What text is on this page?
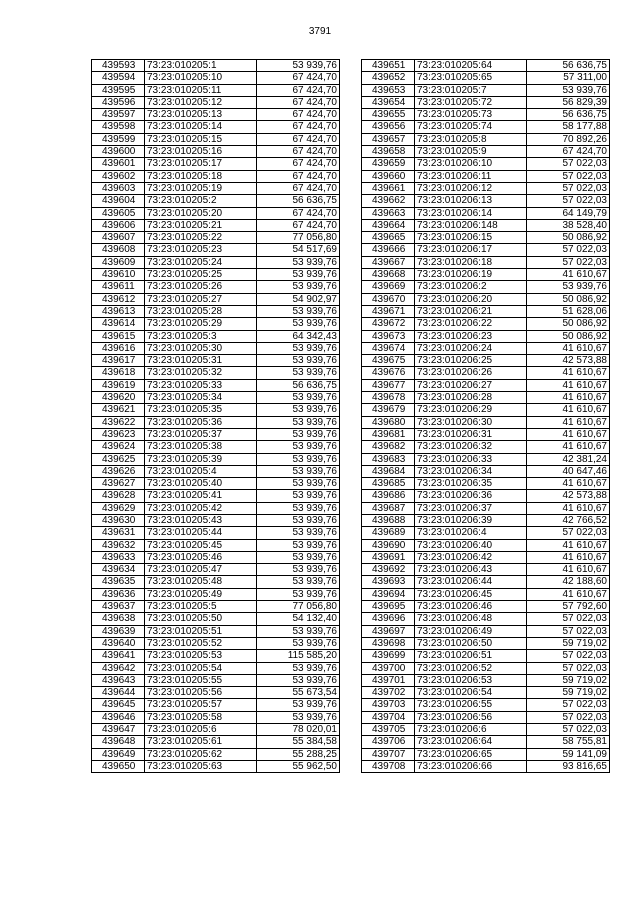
3791
439593	73:23:010205:1	53 939,76
439594	73:23:010205:10	67 424,70
439595	73:23:010205:11	67 424,70
439596	73:23:010205:12	67 424,70
439597	73:23:010205:13	67 424,70
439598	73:23:010205:14	67 424,70
439599	73:23:010205:15	67 424,70
439600	73:23:010205:16	67 424,70
439601	73:23:010205:17	67 424,70
439602	73:23:010205:18	67 424,70
439603	73:23:010205:19	67 424,70
439604	73:23:010205:2	56 636,75
439605	73:23:010205:20	67 424,70
439606	73:23:010205:21	67 424,70
439607	73:23:010205:22	77 056,80
439608	73:23:010205:23	54 517,69
439609	73:23:010205:24	53 939,76
439610	73:23:010205:25	53 939,76
439611	73:23:010205:26	53 939,76
439612	73:23:010205:27	54 902,97
439613	73:23:010205:28	53 939,76
439614	73:23:010205:29	53 939,76
439615	73:23:010205:3	64 342,43
439616	73:23:010205:30	53 939,76
439617	73:23:010205:31	53 939,76
439618	73:23:010205:32	53 939,76
439619	73:23:010205:33	56 636,75
439620	73:23:010205:34	53 939,76
439621	73:23:010205:35	53 939,76
439622	73:23:010205:36	53 939,76
439623	73:23:010205:37	53 939,76
439624	73:23:010205:38	53 939,76
439625	73:23:010205:39	53 939,76
439626	73:23:010205:4	53 939,76
439627	73:23:010205:40	53 939,76
439628	73:23:010205:41	53 939,76
439629	73:23:010205:42	53 939,76
439630	73:23:010205:43	53 939,76
439631	73:23:010205:44	53 939,76
439632	73:23:010205:45	53 939,76
439633	73:23:010205:46	53 939,76
439634	73:23:010205:47	53 939,76
439635	73:23:010205:48	53 939,76
439636	73:23:010205:49	53 939,76
439637	73:23:010205:5	77 056,80
439638	73:23:010205:50	54 132,40
439639	73:23:010205:51	53 939,76
439640	73:23:010205:52	53 939,76
439641	73:23:010205:53	115 585,20
439642	73:23:010205:54	53 939,76
439643	73:23:010205:55	53 939,76
439644	73:23:010205:56	55 673,54
439645	73:23:010205:57	53 939,76
439646	73:23:010205:58	53 939,76
439647	73:23:010205:6	78 020,01
439648	73:23:010205:61	55 384,58
439649	73:23:010205:62	55 288,25
439650	73:23:010205:63	55 962,50
439651	73:23:010205:64	56 636,75
439652	73:23:010205:65	57 311,00
439653	73:23:010205:7	53 939,76
439654	73:23:010205:72	56 829,39
439655	73:23:010205:73	56 636,75
439656	73:23:010205:74	58 177,88
439657	73:23:010205:8	70 892,26
439658	73:23:010205:9	67 424,70
439659	73:23:010206:10	57 022,03
439660	73:23:010206:11	57 022,03
439661	73:23:010206:12	57 022,03
439662	73:23:010206:13	57 022,03
439663	73:23:010206:14	64 149,79
439664	73:23:010206:148	38 528,40
439665	73:23:010206:15	50 086,92
439666	73:23:010206:17	57 022,03
439667	73:23:010206:18	57 022,03
439668	73:23:010206:19	41 610,67
439669	73:23:010206:2	53 939,76
439670	73:23:010206:20	50 086,92
439671	73:23:010206:21	51 628,06
439672	73:23:010206:22	50 086,92
439673	73:23:010206:23	50 086,92
439674	73:23:010206:24	41 610,67
439675	73:23:010206:25	42 573,88
439676	73:23:010206:26	41 610,67
439677	73:23:010206:27	41 610,67
439678	73:23:010206:28	41 610,67
439679	73:23:010206:29	41 610,67
439680	73:23:010206:30	41 610,67
439681	73:23:010206:31	41 610,67
439682	73:23:010206:32	41 610,67
439683	73:23:010206:33	42 381,24
439684	73:23:010206:34	40 647,46
439685	73:23:010206:35	41 610,67
439686	73:23:010206:36	42 573,88
439687	73:23:010206:37	41 610,67
439688	73:23:010206:39	42 766,52
439689	73:23:010206:4	57 022,03
439690	73:23:010206:40	41 610,67
439691	73:23:010206:42	41 610,67
439692	73:23:010206:43	41 610,67
439693	73:23:010206:44	42 188,60
439694	73:23:010206:45	41 610,67
439695	73:23:010206:46	57 792,60
439696	73:23:010206:48	57 022,03
439697	73:23:010206:49	57 022,03
439698	73:23:010206:50	59 719,02
439699	73:23:010206:51	57 022,03
439700	73:23:010206:52	57 022,03
439701	73:23:010206:53	59 719,02
439702	73:23:010206:54	59 719,02
439703	73:23:010206:55	57 022,03
439704	73:23:010206:56	57 022,03
439705	73:23:010206:6	57 022,03
439706	73:23:010206:64	58 755,81
439707	73:23:010206:65	59 141,09
439708	73:23:010206:66	93 816,65
